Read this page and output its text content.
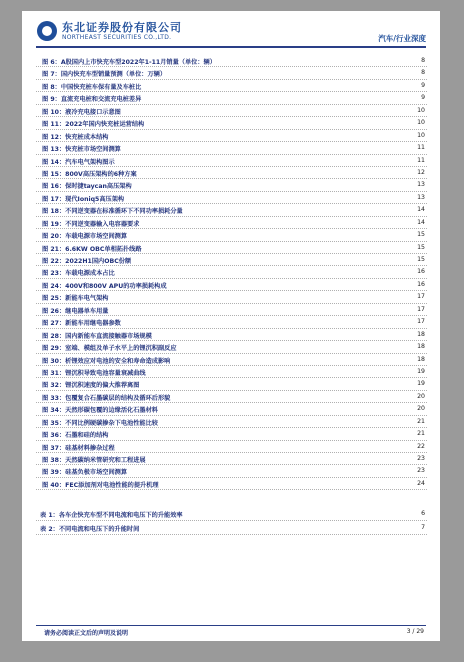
东北证券股份有限公司
NORTHEAST SECURITIES CO.,LTD.	汽车/行业深度
图 6：A股国内上市快充车型2022年1-11月销量（单位：辆）	8
图 7：国内快充车型销量预测（单位：万辆）	8
图 8：中国快充桩车保有量及车桩比	9
图 9：直流充电桩和交流充电桩差异	9
图 10：液冷充电接口示意图	10
图 11：2022年国内快充桩运营结构	10
图 12：快充桩成本结构	10
图 13：快充桩市场空间测算	11
图 14：汽车电气架构图示	11
图 15：800V高压架构的6种方案	12
图 16：保时捷taycan高压架构	13
图 17：现代Ioniq5高压架构	13
图 18：不同逆变器在标准循环下不同功率损耗分量	14
图 19：不同逆变器输入电容器要求	14
图 20：车载电源市场空间测算	15
图 21：6.6KW OBC单相拓扑线路	15
图 22：2022H1国内OBC份额	15
图 23：车载电源成本占比	16
图 24：400V和800V APU的功率损耗构成	16
图 25：新能车电气架构	17
图 26：继电器单车用量	17
图 27：新能车用继电器参数	17
图 28：国内新能车直流接触器市场规模	18
图 29：室端、模组及单子水平上的锂沉积副反应	18
图 30：析锂效应对电池的安全和寿命造成影响	18
图 31：锂沉积导致电池容量衰减曲线	19
图 32：锂沉积速度的偏大推荐离图	19
图 33：包覆复合石墨碳层的结构及循环后形貌	20
图 34：天然形碳包覆的边缘活化石墨材料	20
图 35：不同比例硬碳掺杂下电池性能比较	21
图 36：石墨和硅的结构	21
图 37：硅基材料掺杂过程	22
图 38：天然碳纳米管研究和工程进展	23
图 39：硅基负极市场空间测算	23
图 40：FEC添加剂对电池性能的提升机理	24
表 1：各车企快充车型不同电流和电压下的升能效率	6
表 2：不同电流和电压下的升能时间	7
请务必阅读正文后的声明及说明	3 / 29
